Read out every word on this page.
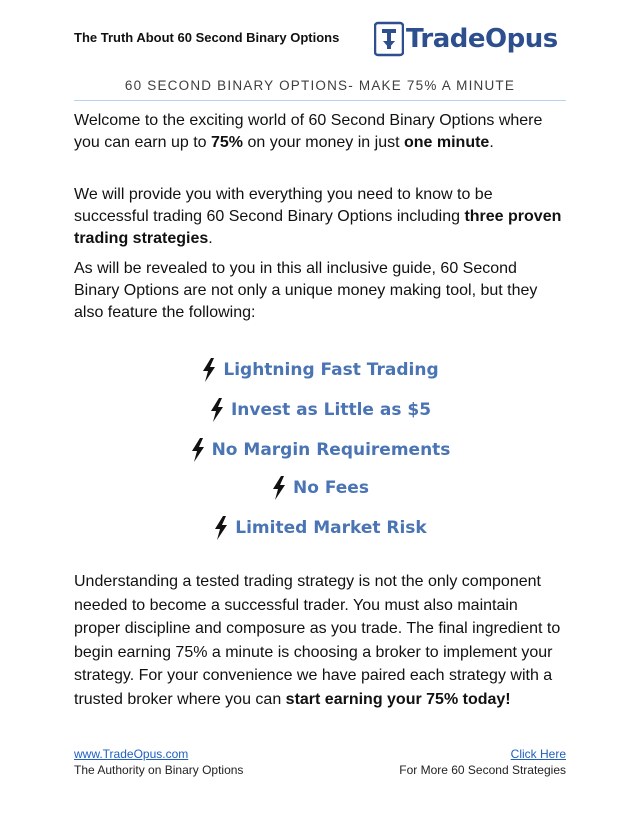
The Truth About 60 Second Binary Options	TradeOpus
60 SECOND BINARY OPTIONS- MAKE 75% A MINUTE

Welcome to the exciting world of 60 Second Binary Options where you can earn up to 75% on your money in just one minute.

We will provide you with everything you need to know to be successful trading 60 Second Binary Options including three proven trading strategies.

As will be revealed to you in this all inclusive guide, 60 Second Binary Options are not only a unique money making tool, but they also feature the following:

Lightning Fast Trading
Invest as Little as $5
No Margin Requirements
No Fees
Limited Market Risk

Understanding a tested trading strategy is not the only component needed to become a successful trader. You must also maintain proper discipline and composure as you trade. The final ingredient to begin earning 75% a minute is choosing a broker to implement your strategy. For your convenience we have paired each strategy with a trusted broker where you can start earning your 75% today!

www.TradeOpus.com
The Authority on Binary Options
Click Here
For More 60 Second Strategies
